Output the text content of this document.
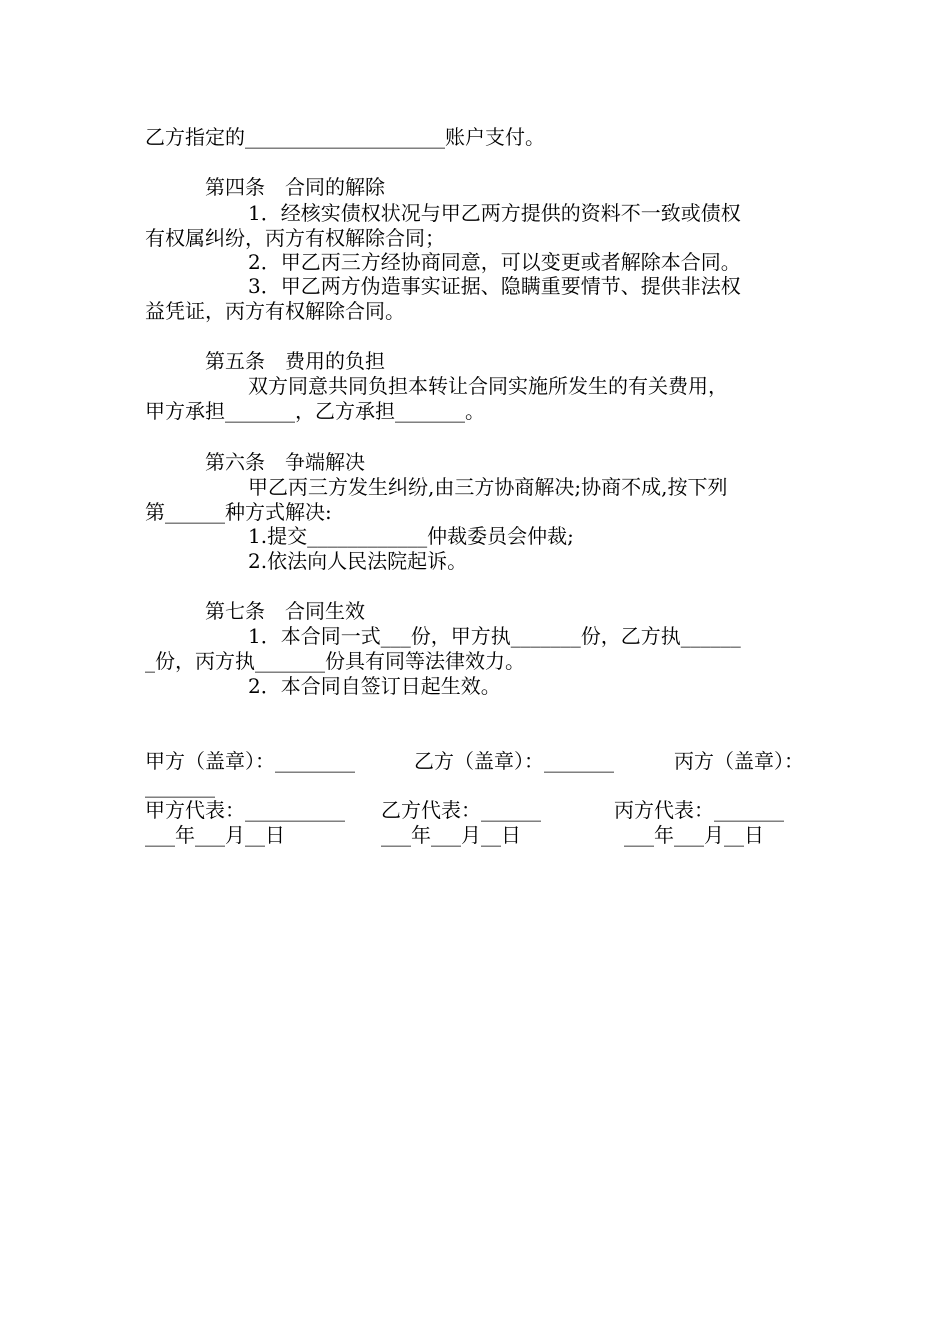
乙方指定的____________________账户支付。
第四条　合同的解除
1．经核实债权状况与甲乙两方提供的资料不一致或债权
有权属纠纷，丙方有权解除合同；
2．甲乙丙三方经协商同意，可以变更或者解除本合同。
3．甲乙两方伪造事实证据、隐瞒重要情节、提供非法权
益凭证，丙方有权解除合同。
第五条　费用的负担
双方同意共同负担本转让合同实施所发生的有关费用，
甲方承担_______，乙方承担_______。
第六条　争端解决
甲乙丙三方发生纠纷,由三方协商解决;协商不成,按下列
第______种方式解决:
1.提交____________仲裁委员会仲裁;
2.依法向人民法院起诉。
第七条　合同生效
1．本合同一式___份，甲方执_______份，乙方执______
_份，丙方执_______份具有同等法律效力。
2．本合同自签订日起生效。
甲方（盖章）：________	乙方（盖章）：_______	丙方（盖章）：
_______
甲方代表：__________ 乙方代表：______	丙方代表：_______
___年___月__日	___年___月__日	___年___月__日
